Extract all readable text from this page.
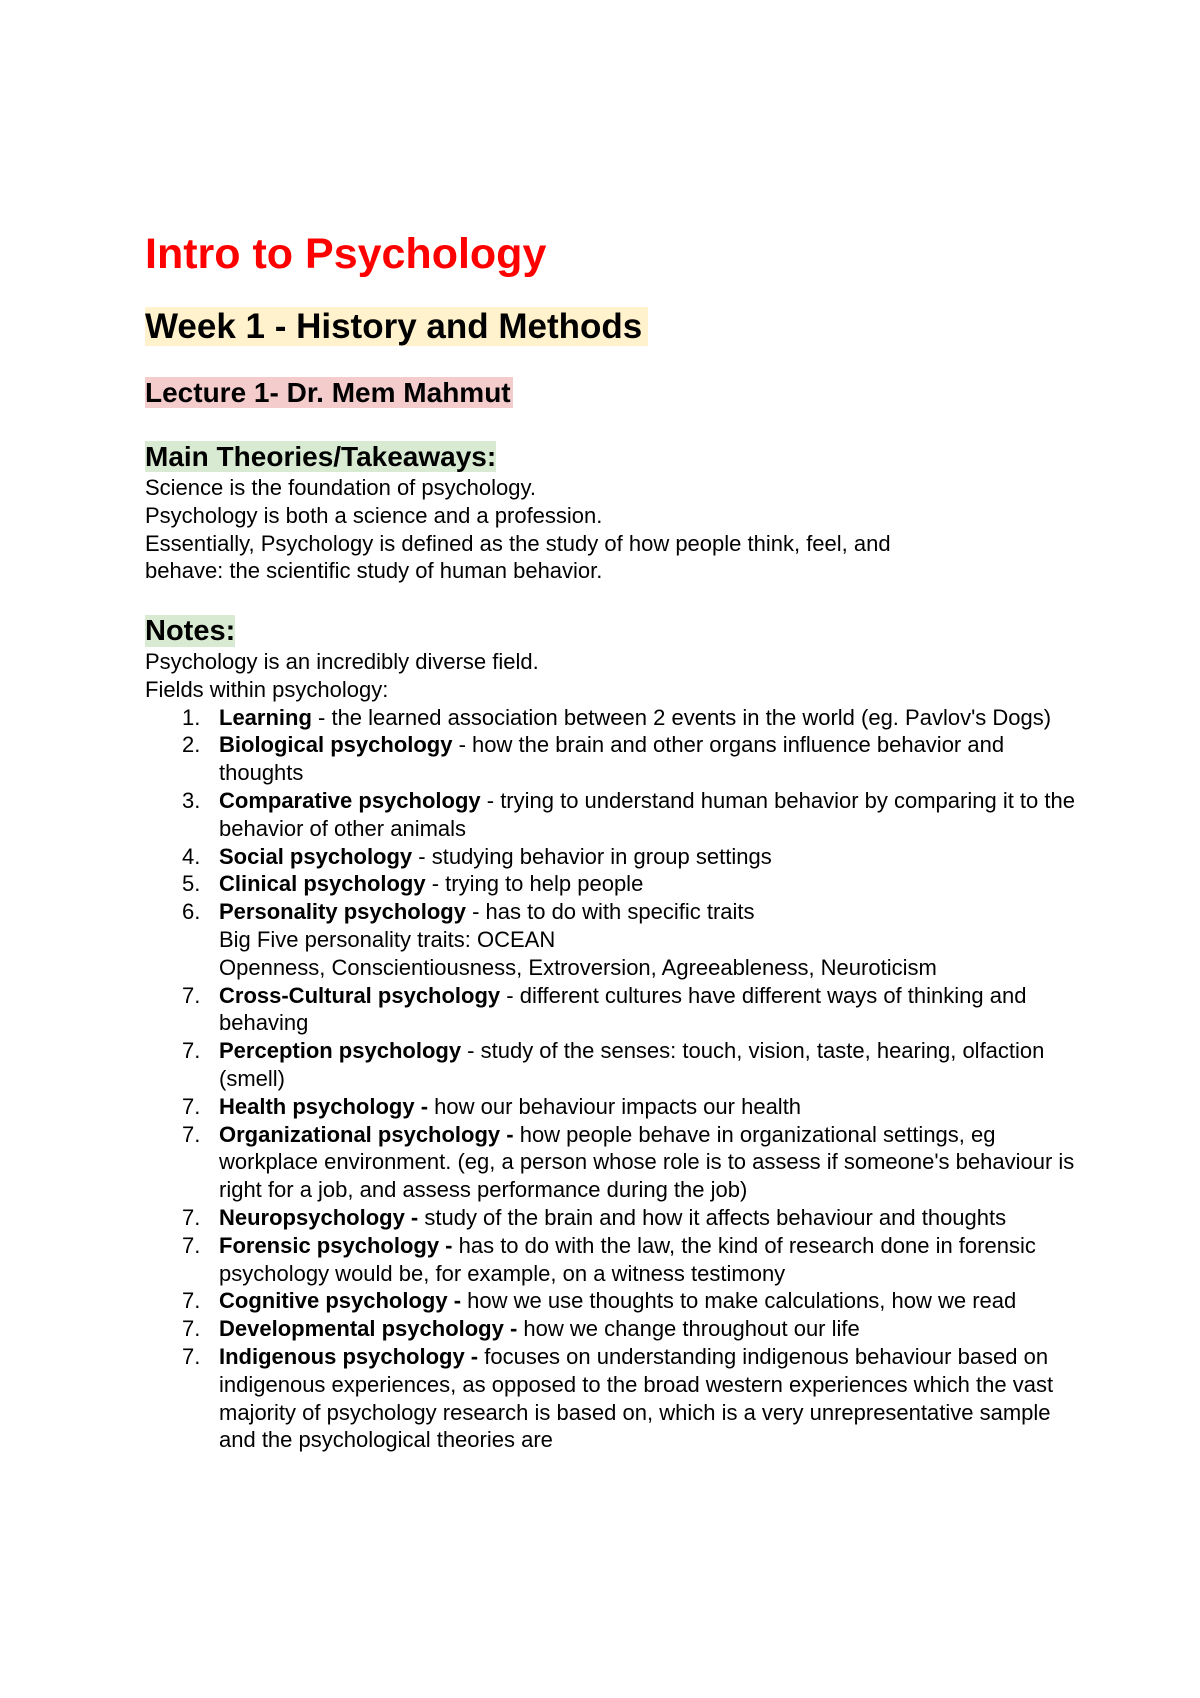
Intro to Psychology
Week 1 - History and Methods
Lecture 1- Dr. Mem Mahmut
Main Theories/Takeaways:

Science is the foundation of psychology.
Psychology is both a science and a profession.
Essentially, Psychology is defined as the study of how people think, feel, and
behave: the scientific study of human behavior.

Notes:

Psychology is an incredibly diverse field.
Fields within psychology:

1. Learning - the learned association between 2 events in the world (eg. Pavlov's Dogs)
2. Biological psychology - how the brain and other organs influence behavior and thoughts
3. Comparative psychology - trying to understand human behavior by comparing it to the behavior of other animals
4. Social psychology - studying behavior in group settings
5. Clinical psychology - trying to help people
6. Personality psychology - has to do with specific traits
Big Five personality traits: OCEAN
Openness, Conscientiousness, Extroversion, Agreeableness, Neuroticism
7. Cross-Cultural psychology - different cultures have different ways of thinking and behaving
7. Perception psychology - study of the senses: touch, vision, taste, hearing, olfaction (smell)
7. Health psychology - how our behaviour impacts our health
7. Organizational psychology - how people behave in organizational settings, eg workplace environment. (eg, a person whose role is to assess if someone's behaviour is right for a job, and assess performance during the job)
7. Neuropsychology - study of the brain and how it affects behaviour and thoughts
7. Forensic psychology - has to do with the law, the kind of research done in forensic psychology would be, for example, on a witness testimony
7. Cognitive psychology - how we use thoughts to make calculations, how we read
7. Developmental psychology - how we change throughout our life
7. Indigenous psychology - focuses on understanding indigenous behaviour based on indigenous experiences, as opposed to the broad western experiences which the vast majority of psychology research is based on, which is a very unrepresentative sample and the psychological theories are
